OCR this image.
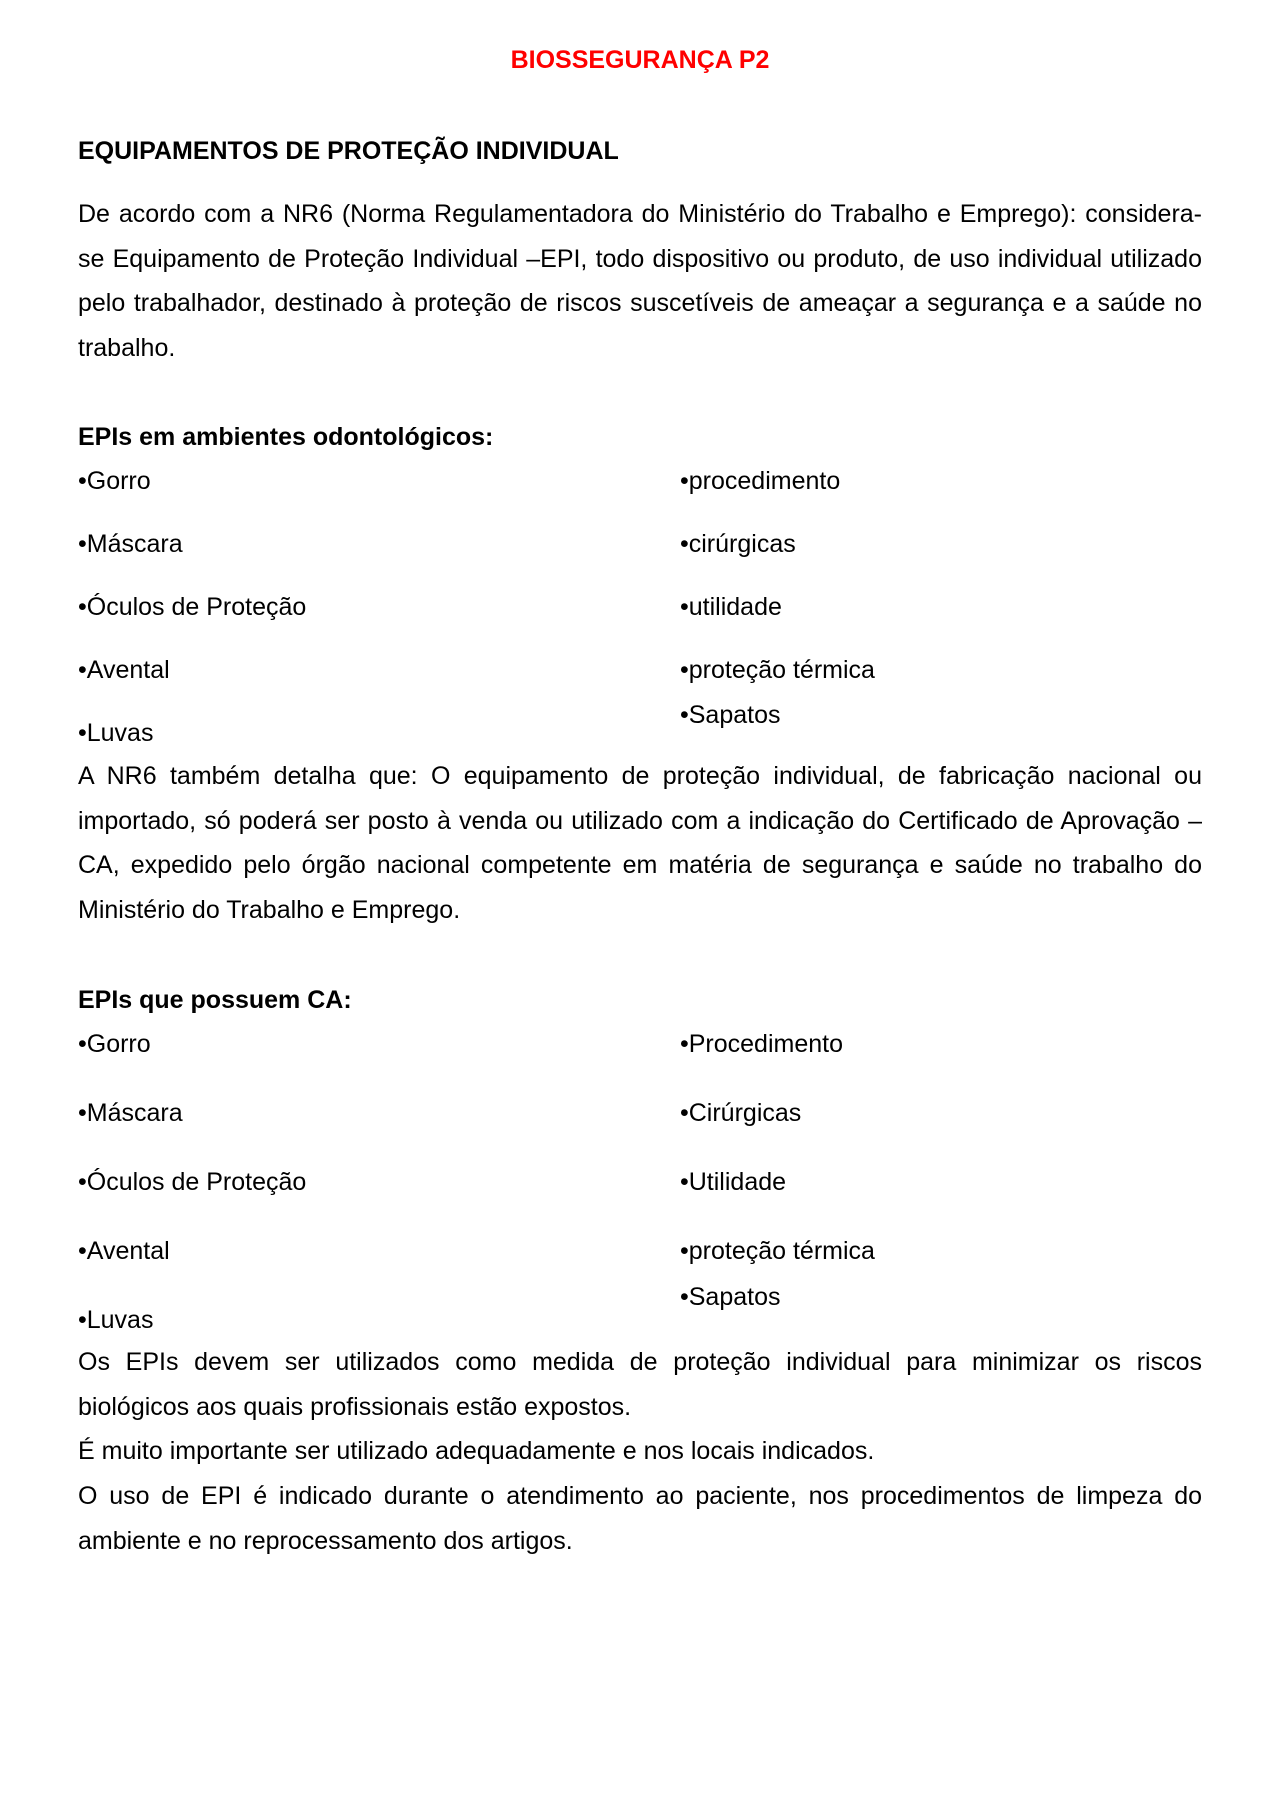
BIOSSEGURANÇA P2
EQUIPAMENTOS DE PROTEÇÃO INDIVIDUAL

De acordo com a NR6 (Norma Regulamentadora do Ministério do Trabalho e Emprego): considera-se Equipamento de Proteção Individual –EPI, todo dispositivo ou produto, de uso individual utilizado pelo trabalhador, destinado à proteção de riscos suscetíveis de ameaçar a segurança e a saúde no trabalho.

EPIs em ambientes odontológicos:
•Gorro
•Máscara
•Óculos de Proteção
•Avental
•Luvas
•procedimento
•cirúrgicas
•utilidade
•proteção térmica
•Sapatos

A NR6 também detalha que: O equipamento de proteção individual, de fabricação nacional ou importado, só poderá ser posto à venda ou utilizado com a indicação do Certificado de Aprovação –CA, expedido pelo órgão nacional competente em matéria de segurança e saúde no trabalho do Ministério do Trabalho e Emprego.

EPIs que possuem CA:
•Gorro
•Máscara
•Óculos de Proteção
•Avental
•Luvas
•Procedimento
•Cirúrgicas
•Utilidade
•proteção térmica
•Sapatos

Os EPIs devem ser utilizados como medida de proteção individual para minimizar os riscos biológicos aos quais profissionais estão expostos.

É muito importante ser utilizado adequadamente e nos locais indicados.

O uso de EPI é indicado durante o atendimento ao paciente, nos procedimentos de limpeza do ambiente e no reprocessamento dos artigos.
